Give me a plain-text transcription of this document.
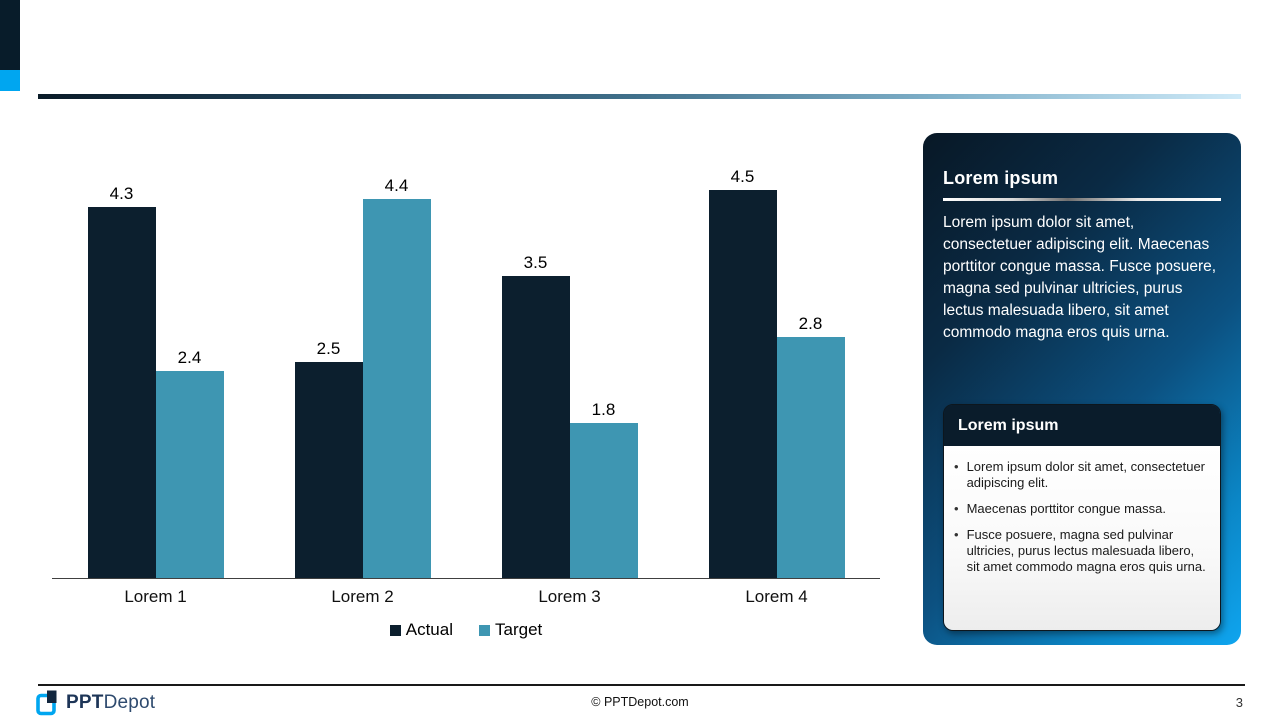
4.3
2.4	2.5
4.4
3.5
1.8
4.5
2.8
Lorem 1	Lorem 2	Lorem 3	Lorem 4
Actual Target
Lorem ipsum
Lorem ipsum dolor sit amet, consectetuer adipiscing elit. Maecenas porttitor congue massa. Fusce posuere, magna sed pulvinar ultricies, purus lectus malesuada libero, sit amet commodo magna eros quis urna.
Lorem ipsum
• Lorem ipsum dolor sit amet, consectetuer adipiscing elit.
• Maecenas porttitor congue massa.
• Fusce posuere, magna sed pulvinar ultricies, purus lectus malesuada libero, sit amet commodo magna eros quis urna.
PPTDepot	© PPTDepot.com	3
